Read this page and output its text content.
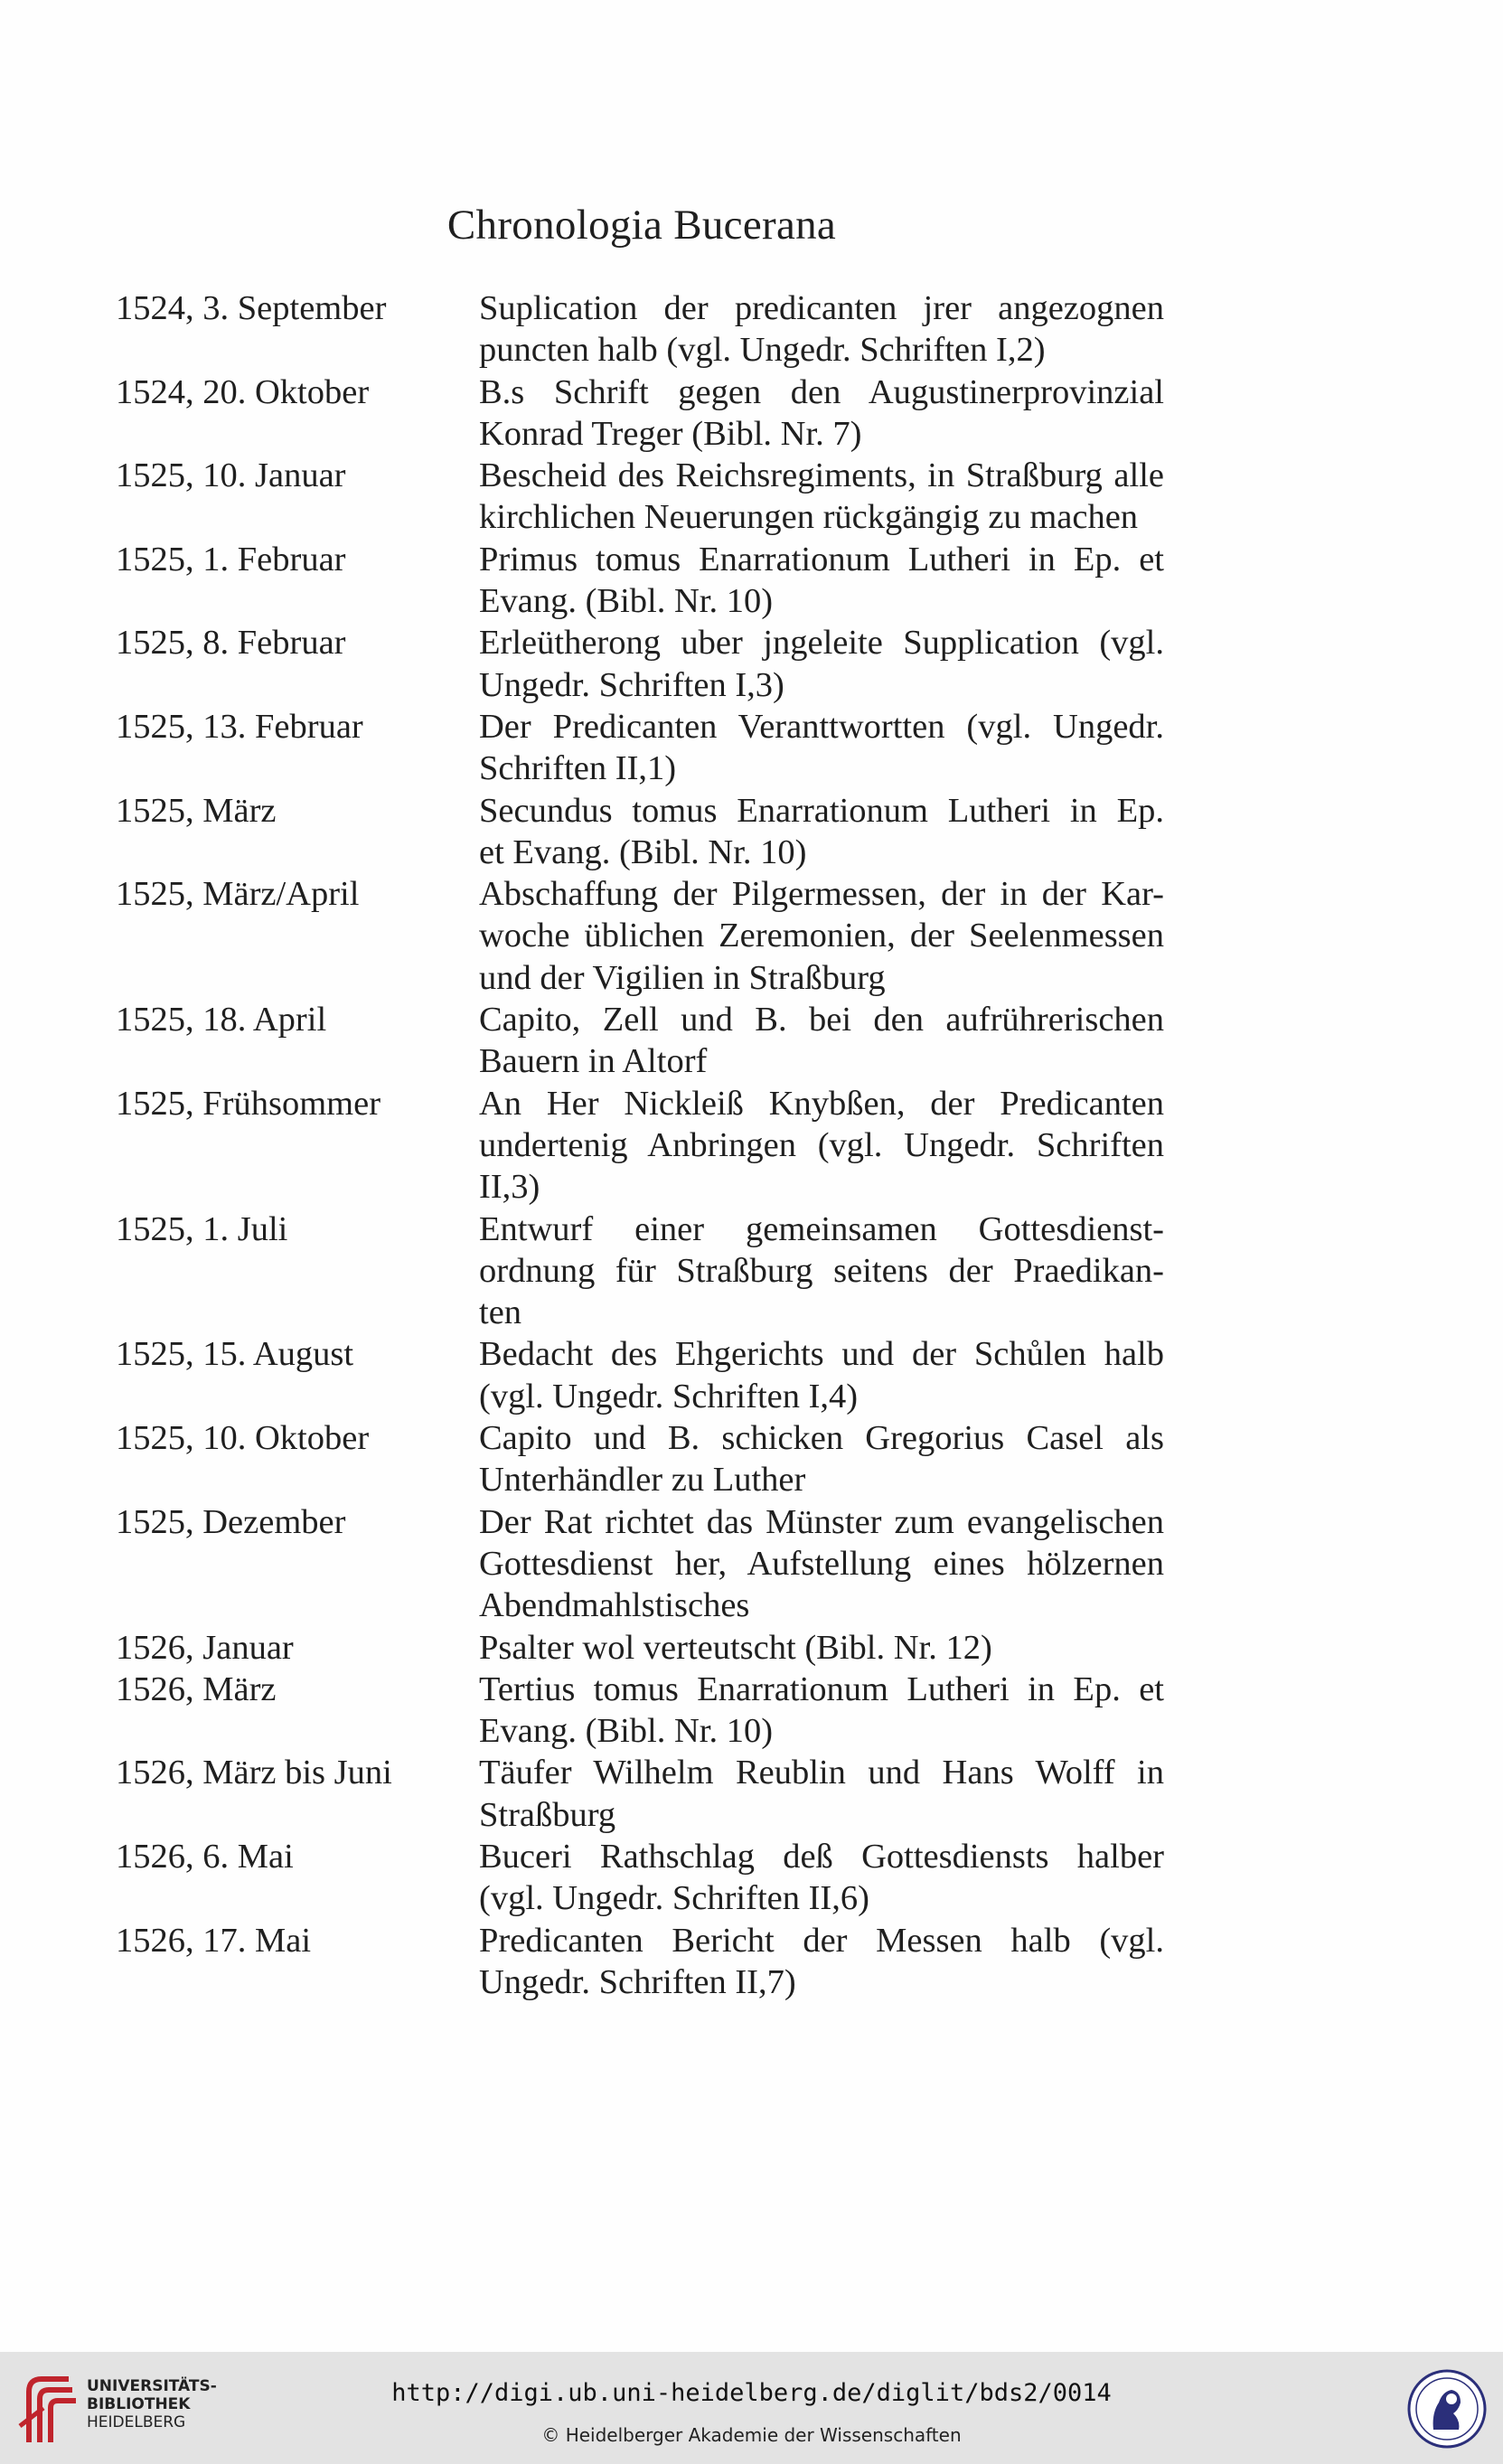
Chronologia Bucerana
1524, 3. September	Suplication der predicanten jrer angezognen
puncten halb (vgl. Ungedr. Schriften I,2)
1524, 20. Oktober	B.s Schrift gegen den Augustinerprovinzial
Konrad Treger (Bibl. Nr. 7)
1525, 10. Januar	Bescheid des Reichsregiments, in Straßburg alle
kirchlichen Neuerungen rückgängig zu machen
1525, 1. Februar	Primus tomus Enarrationum Lutheri in Ep. et
Evang. (Bibl. Nr. 10)
1525, 8. Februar	Erleütherong uber jngeleite Supplication (vgl.
Ungedr. Schriften I,3)
1525, 13. Februar	Der Predicanten Veranttwortten (vgl. Ungedr.
Schriften II,1)
1525, März	Secundus tomus Enarrationum Lutheri in Ep.
et Evang. (Bibl. Nr. 10)
1525, März/April	Abschaffung der Pilgermessen, der in der Kar-
woche üblichen Zeremonien, der Seelenmessen
und der Vigilien in Straßburg
1525, 18. April	Capito, Zell und B. bei den aufrührerischen
Bauern in Altorf
1525, Frühsommer	An Her Nickleiß Knybßen, der Predicanten
undertenig Anbringen (vgl. Ungedr. Schriften
II,3)
1525, 1. Juli	Entwurf einer gemeinsamen Gottesdienst-
ordnung für Straßburg seitens der Praedikan-
ten
1525, 15. August	Bedacht des Ehgerichts und der Schůlen halb
(vgl. Ungedr. Schriften I,4)
1525, 10. Oktober	Capito und B. schicken Gregorius Casel als
Unterhändler zu Luther
1525, Dezember	Der Rat richtet das Münster zum evangelischen
Gottesdienst her, Aufstellung eines hölzernen
Abendmahlstisches
1526, Januar	Psalter wol verteutscht (Bibl. Nr. 12)
1526, März	Tertius tomus Enarrationum Lutheri in Ep. et
Evang. (Bibl. Nr. 10)
1526, März bis Juni	Täufer Wilhelm Reublin und Hans Wolff in
Straßburg
1526, 6. Mai	Buceri Rathschlag deß Gottesdiensts halber
(vgl. Ungedr. Schriften II,6)
1526, 17. Mai	Predicanten Bericht der Messen halb (vgl.
Ungedr. Schriften II,7)
UNIVERSITÄTS-
BIBLIOTHEK
HEIDELBERG
http://digi.ub.uni-heidelberg.de/diglit/bds2/0014
© Heidelberger Akademie der Wissenschaften
